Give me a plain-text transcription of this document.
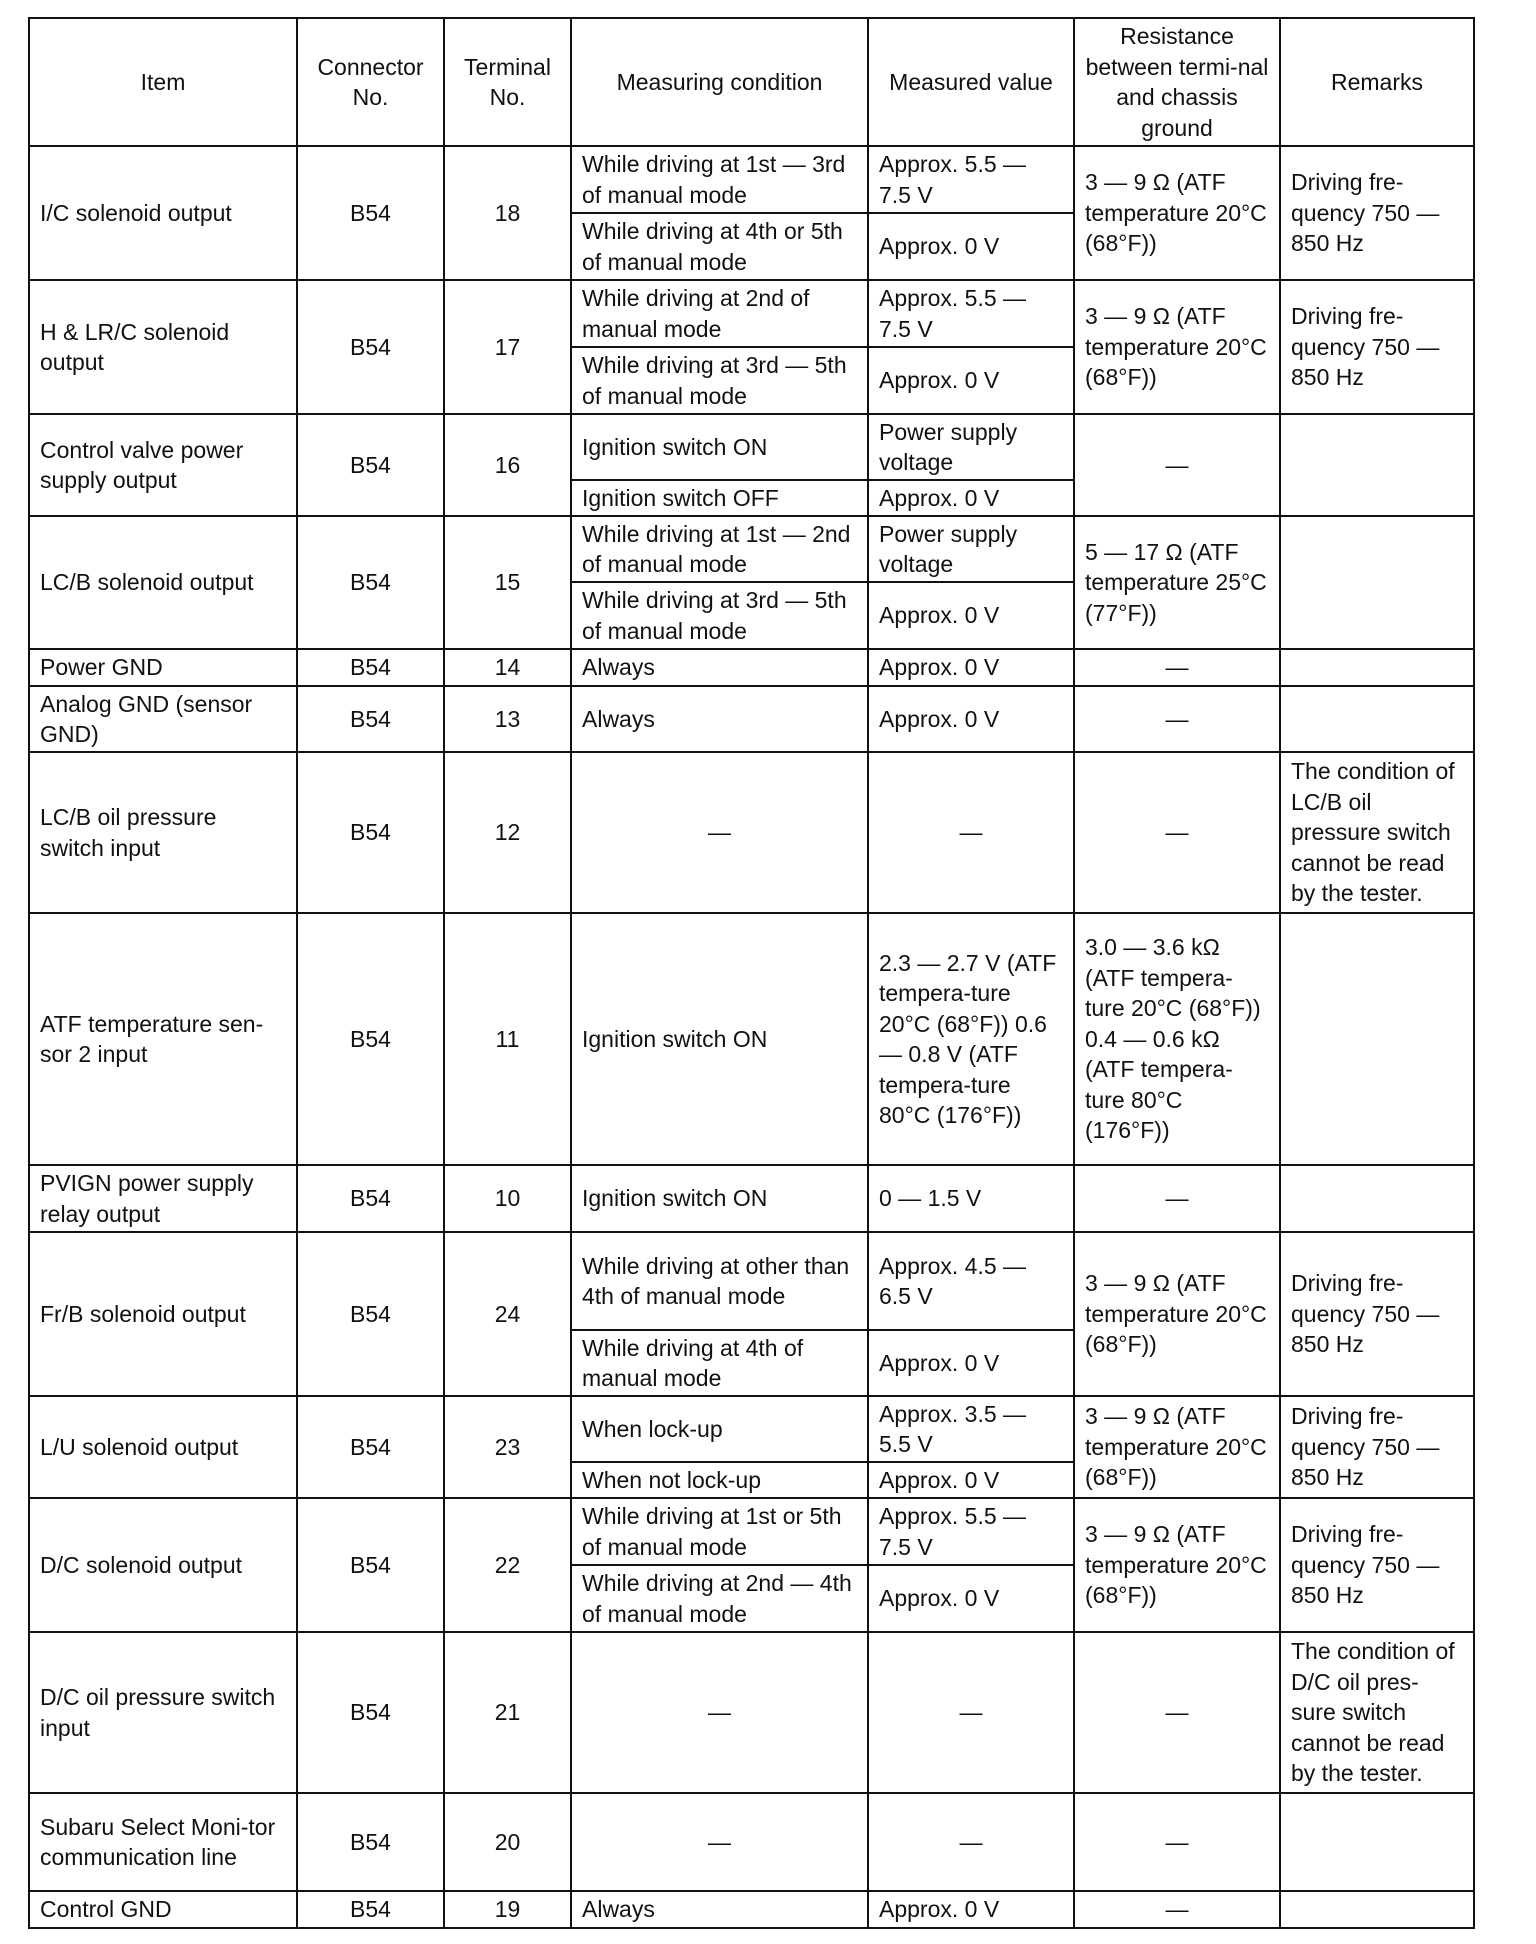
Item	Connector No.	Terminal No.	Measuring condition	Measured value	Resistance between termi-nal and chassis ground	Remarks
I/C solenoid output	B54	18	While driving at 1st — 3rd of manual mode	Approx. 5.5 — 7.5 V	3 — 9 Ω (ATF temperature 20°C (68°F))	Driving fre-quency 750 — 850 Hz
			While driving at 4th or 5th of manual mode	Approx. 0 V		
H & LR/C solenoid output	B54	17	While driving at 2nd of manual mode	Approx. 5.5 — 7.5 V	3 — 9 Ω (ATF temperature 20°C (68°F))	Driving fre-quency 750 — 850 Hz
			While driving at 3rd — 5th of manual mode	Approx. 0 V		
Control valve power supply output	B54	16	Ignition switch ON	Power supply voltage	—	
			Ignition switch OFF	Approx. 0 V		
LC/B solenoid output	B54	15	While driving at 1st — 2nd of manual mode	Power supply voltage	5 — 17 Ω (ATF temperature 25°C (77°F))	
			While driving at 3rd — 5th of manual mode	Approx. 0 V		
Power GND	B54	14	Always	Approx. 0 V	—	
Analog GND (sensor GND)	B54	13	Always	Approx. 0 V	—	
LC/B oil pressure switch input	B54	12	—	—	—	The condition of LC/B oil pressure switch cannot be read by the tester.
ATF temperature sen-sor 2 input	B54	11	Ignition switch ON	2.3 — 2.7 V (ATF tempera-ture 20°C (68°F)) 0.6 — 0.8 V (ATF tempera-ture 80°C (176°F))	3.0 — 3.6 kΩ (ATF tempera-ture 20°C (68°F)) 0.4 — 0.6 kΩ (ATF tempera-ture 80°C (176°F))	
PVIGN power supply relay output	B54	10	Ignition switch ON	0 — 1.5 V	—	
Fr/B solenoid output	B54	24	While driving at other than 4th of manual mode	Approx. 4.5 — 6.5 V	3 — 9 Ω (ATF temperature 20°C (68°F))	Driving fre-quency 750 — 850 Hz
			While driving at 4th of manual mode	Approx. 0 V		
L/U solenoid output	B54	23	When lock-up	Approx. 3.5 — 5.5 V	3 — 9 Ω (ATF temperature 20°C (68°F))	Driving fre-quency 750 — 850 Hz
			When not lock-up	Approx. 0 V		
D/C solenoid output	B54	22	While driving at 1st or 5th of manual mode	Approx. 5.5 — 7.5 V	3 — 9 Ω (ATF temperature 20°C (68°F))	Driving fre-quency 750 — 850 Hz
			While driving at 2nd — 4th of manual mode	Approx. 0 V		
D/C oil pressure switch input	B54	21	—	—	—	The condition of D/C oil pres-sure switch cannot be read by the tester.
Subaru Select Moni-tor communication line	B54	20	—	—	—	
Control GND	B54	19	Always	Approx. 0 V	—	
